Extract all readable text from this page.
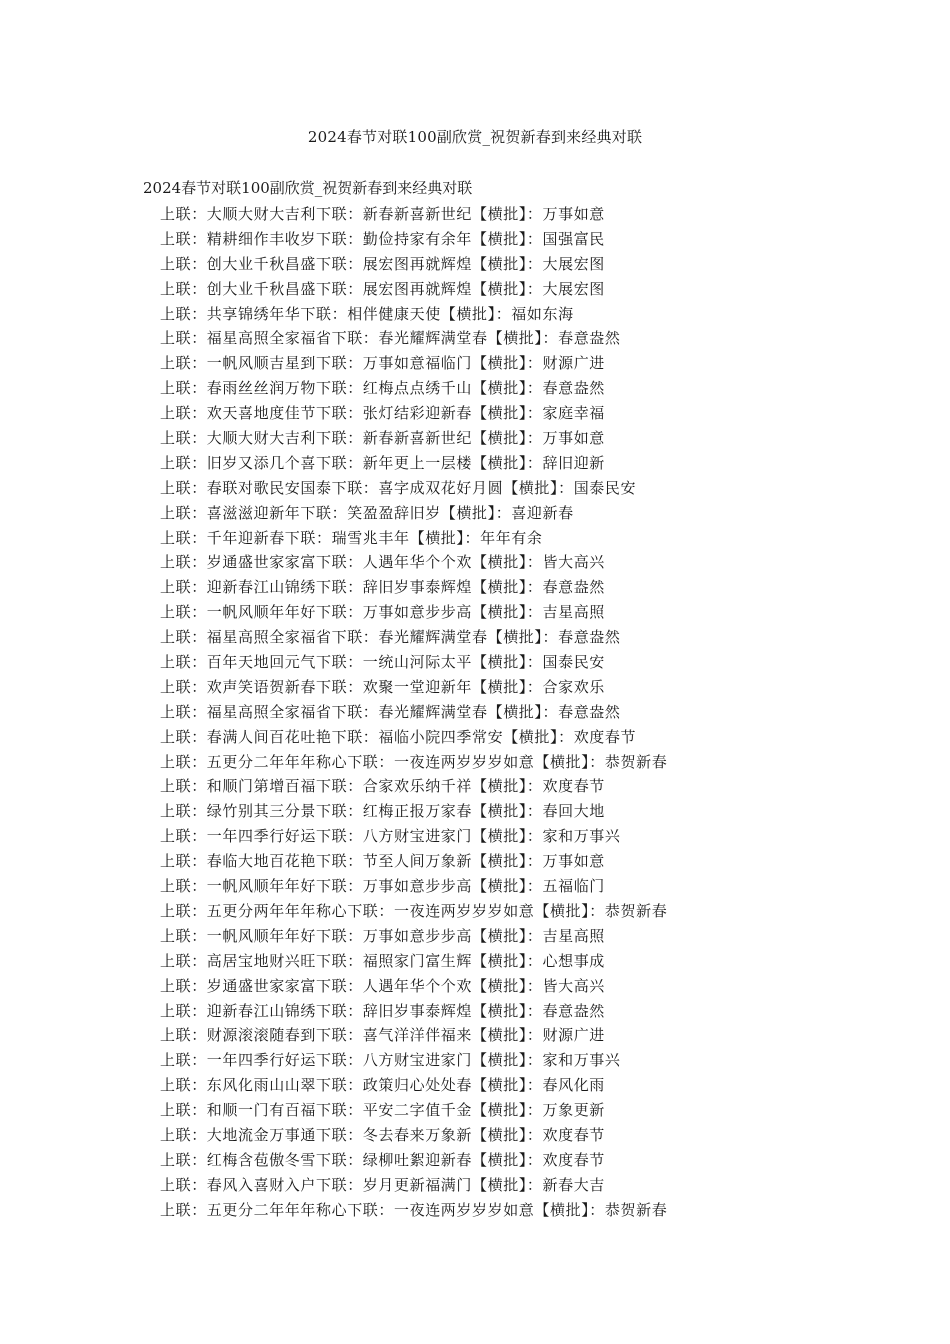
2024春节对联100副欣赏_祝贺新春到来经典对联
2024春节对联100副欣赏_祝贺新春到来经典对联
上联：大顺大财大吉利下联：新春新喜新世纪【横批】：万事如意
上联：精耕细作丰收岁下联：勤俭持家有余年【横批】：国强富民
上联：创大业千秋昌盛下联：展宏图再就辉煌【横批】：大展宏图
上联：创大业千秋昌盛下联：展宏图再就辉煌【横批】：大展宏图
上联：共享锦绣年华下联：相伴健康天使【横批】：福如东海
上联：福星高照全家福省下联：春光耀辉满堂春【横批】：春意盎然
上联：一帆风顺吉星到下联：万事如意福临门【横批】：财源广进
上联：春雨丝丝润万物下联：红梅点点绣千山【横批】：春意盎然
上联：欢天喜地度佳节下联：张灯结彩迎新春【横批】：家庭幸福
上联：大顺大财大吉利下联：新春新喜新世纪【横批】：万事如意
上联：旧岁又添几个喜下联：新年更上一层楼【横批】：辞旧迎新
上联：春联对歌民安国泰下联：喜字成双花好月圆【横批】：国泰民安
上联：喜滋滋迎新年下联：笑盈盈辞旧岁【横批】：喜迎新春
上联：千年迎新春下联：瑞雪兆丰年【横批】：年年有余
上联：岁通盛世家家富下联：人遇年华个个欢【横批】：皆大高兴
上联：迎新春江山锦绣下联：辞旧岁事泰辉煌【横批】：春意盎然
上联：一帆风顺年年好下联：万事如意步步高【横批】：吉星高照
上联：福星高照全家福省下联：春光耀辉满堂春【横批】：春意盎然
上联：百年天地回元气下联：一统山河际太平【横批】：国泰民安
上联：欢声笑语贺新春下联：欢聚一堂迎新年【横批】：合家欢乐
上联：福星高照全家福省下联：春光耀辉满堂春【横批】：春意盎然
上联：春满人间百花吐艳下联：福临小院四季常安【横批】：欢度春节
上联：五更分二年年年称心下联：一夜连两岁岁岁如意【横批】：恭贺新春
上联：和顺门第增百福下联：合家欢乐纳千祥【横批】：欢度春节
上联：绿竹别其三分景下联：红梅正报万家春【横批】：春回大地
上联：一年四季行好运下联：八方财宝进家门【横批】：家和万事兴
上联：春临大地百花艳下联：节至人间万象新【横批】：万事如意
上联：一帆风顺年年好下联：万事如意步步高【横批】：五福临门
上联：五更分两年年年称心下联：一夜连两岁岁岁如意【横批】：恭贺新春
上联：一帆风顺年年好下联：万事如意步步高【横批】：吉星高照
上联：高居宝地财兴旺下联：福照家门富生辉【横批】：心想事成
上联：岁通盛世家家富下联：人遇年华个个欢【横批】：皆大高兴
上联：迎新春江山锦绣下联：辞旧岁事泰辉煌【横批】：春意盎然
上联：财源滚滚随春到下联：喜气洋洋伴福来【横批】：财源广进
上联：一年四季行好运下联：八方财宝进家门【横批】：家和万事兴
上联：东风化雨山山翠下联：政策归心处处春【横批】：春风化雨
上联：和顺一门有百福下联：平安二字值千金【横批】：万象更新
上联：大地流金万事通下联：冬去春来万象新【横批】：欢度春节
上联：红梅含苞傲冬雪下联：绿柳吐絮迎新春【横批】：欢度春节
上联：春风入喜财入户下联：岁月更新福满门【横批】：新春大吉
上联：五更分二年年年称心下联：一夜连两岁岁岁如意【横批】：恭贺新春
